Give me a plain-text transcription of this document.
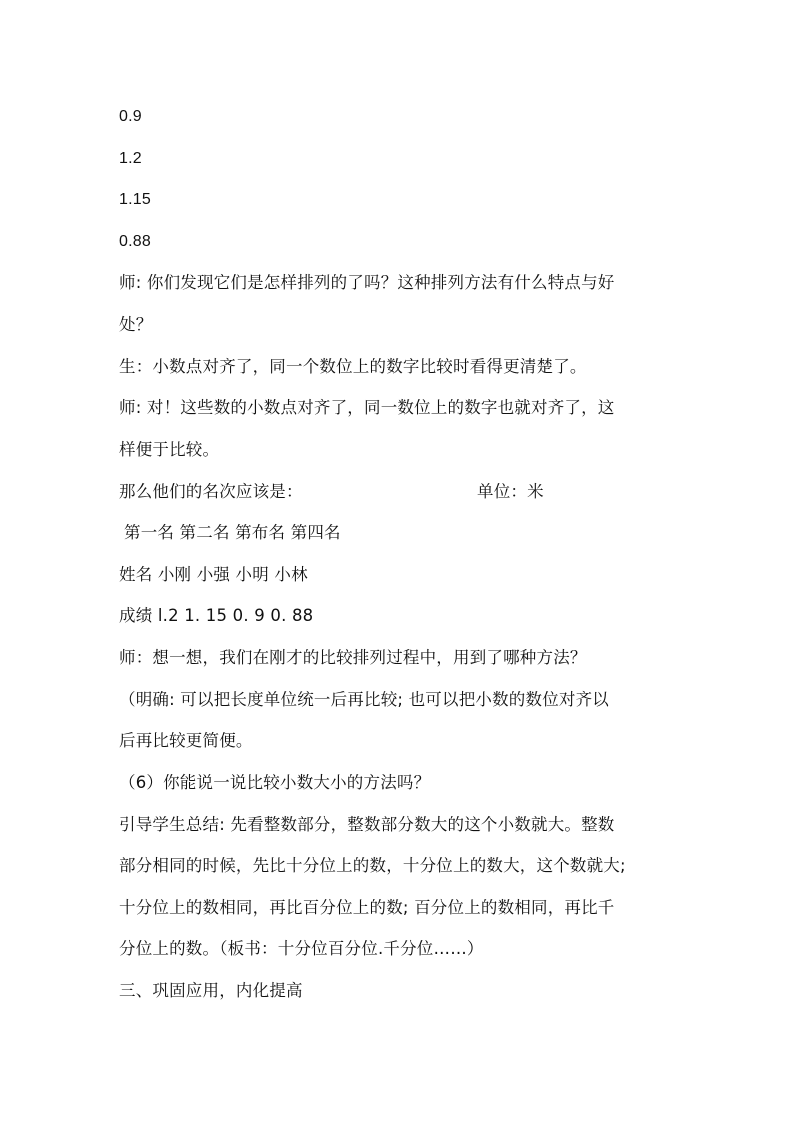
0.9
1.2
1.15
0.88
师: 你们发现它们是怎样排列的了吗？这种排列方法有什么特点与好
处？
生：小数点对齐了，同一个数位上的数字比较时看得更清楚了。
师: 对！这些数的小数点对齐了，同一数位上的数字也就对齐了，这
样便于比较。
那么他们的名次应该是：	单位：米
第一名 第二名 第布名 第四名
姓名 小刚 小强 小明 小林
成绩 l.2 1. 15 0. 9 0. 88
师：想一想，我们在刚才的比较排列过程中，用到了哪种方法？
（明确: 可以把长度单位统一后再比较; 也可以把小数的数位对齐以
后再比较更简便。
（6）你能说一说比较小数大小的方法吗？
引导学生总结: 先看整数部分，整数部分数大的这个小数就大。整数
部分相同的时候，先比十分位上的数，十分位上的数大，这个数就大;
十分位上的数相同，再比百分位上的数; 百分位上的数相同，再比千
分位上的数。（板书：十分位百分位.千分位……）
三、巩固应用，内化提高
